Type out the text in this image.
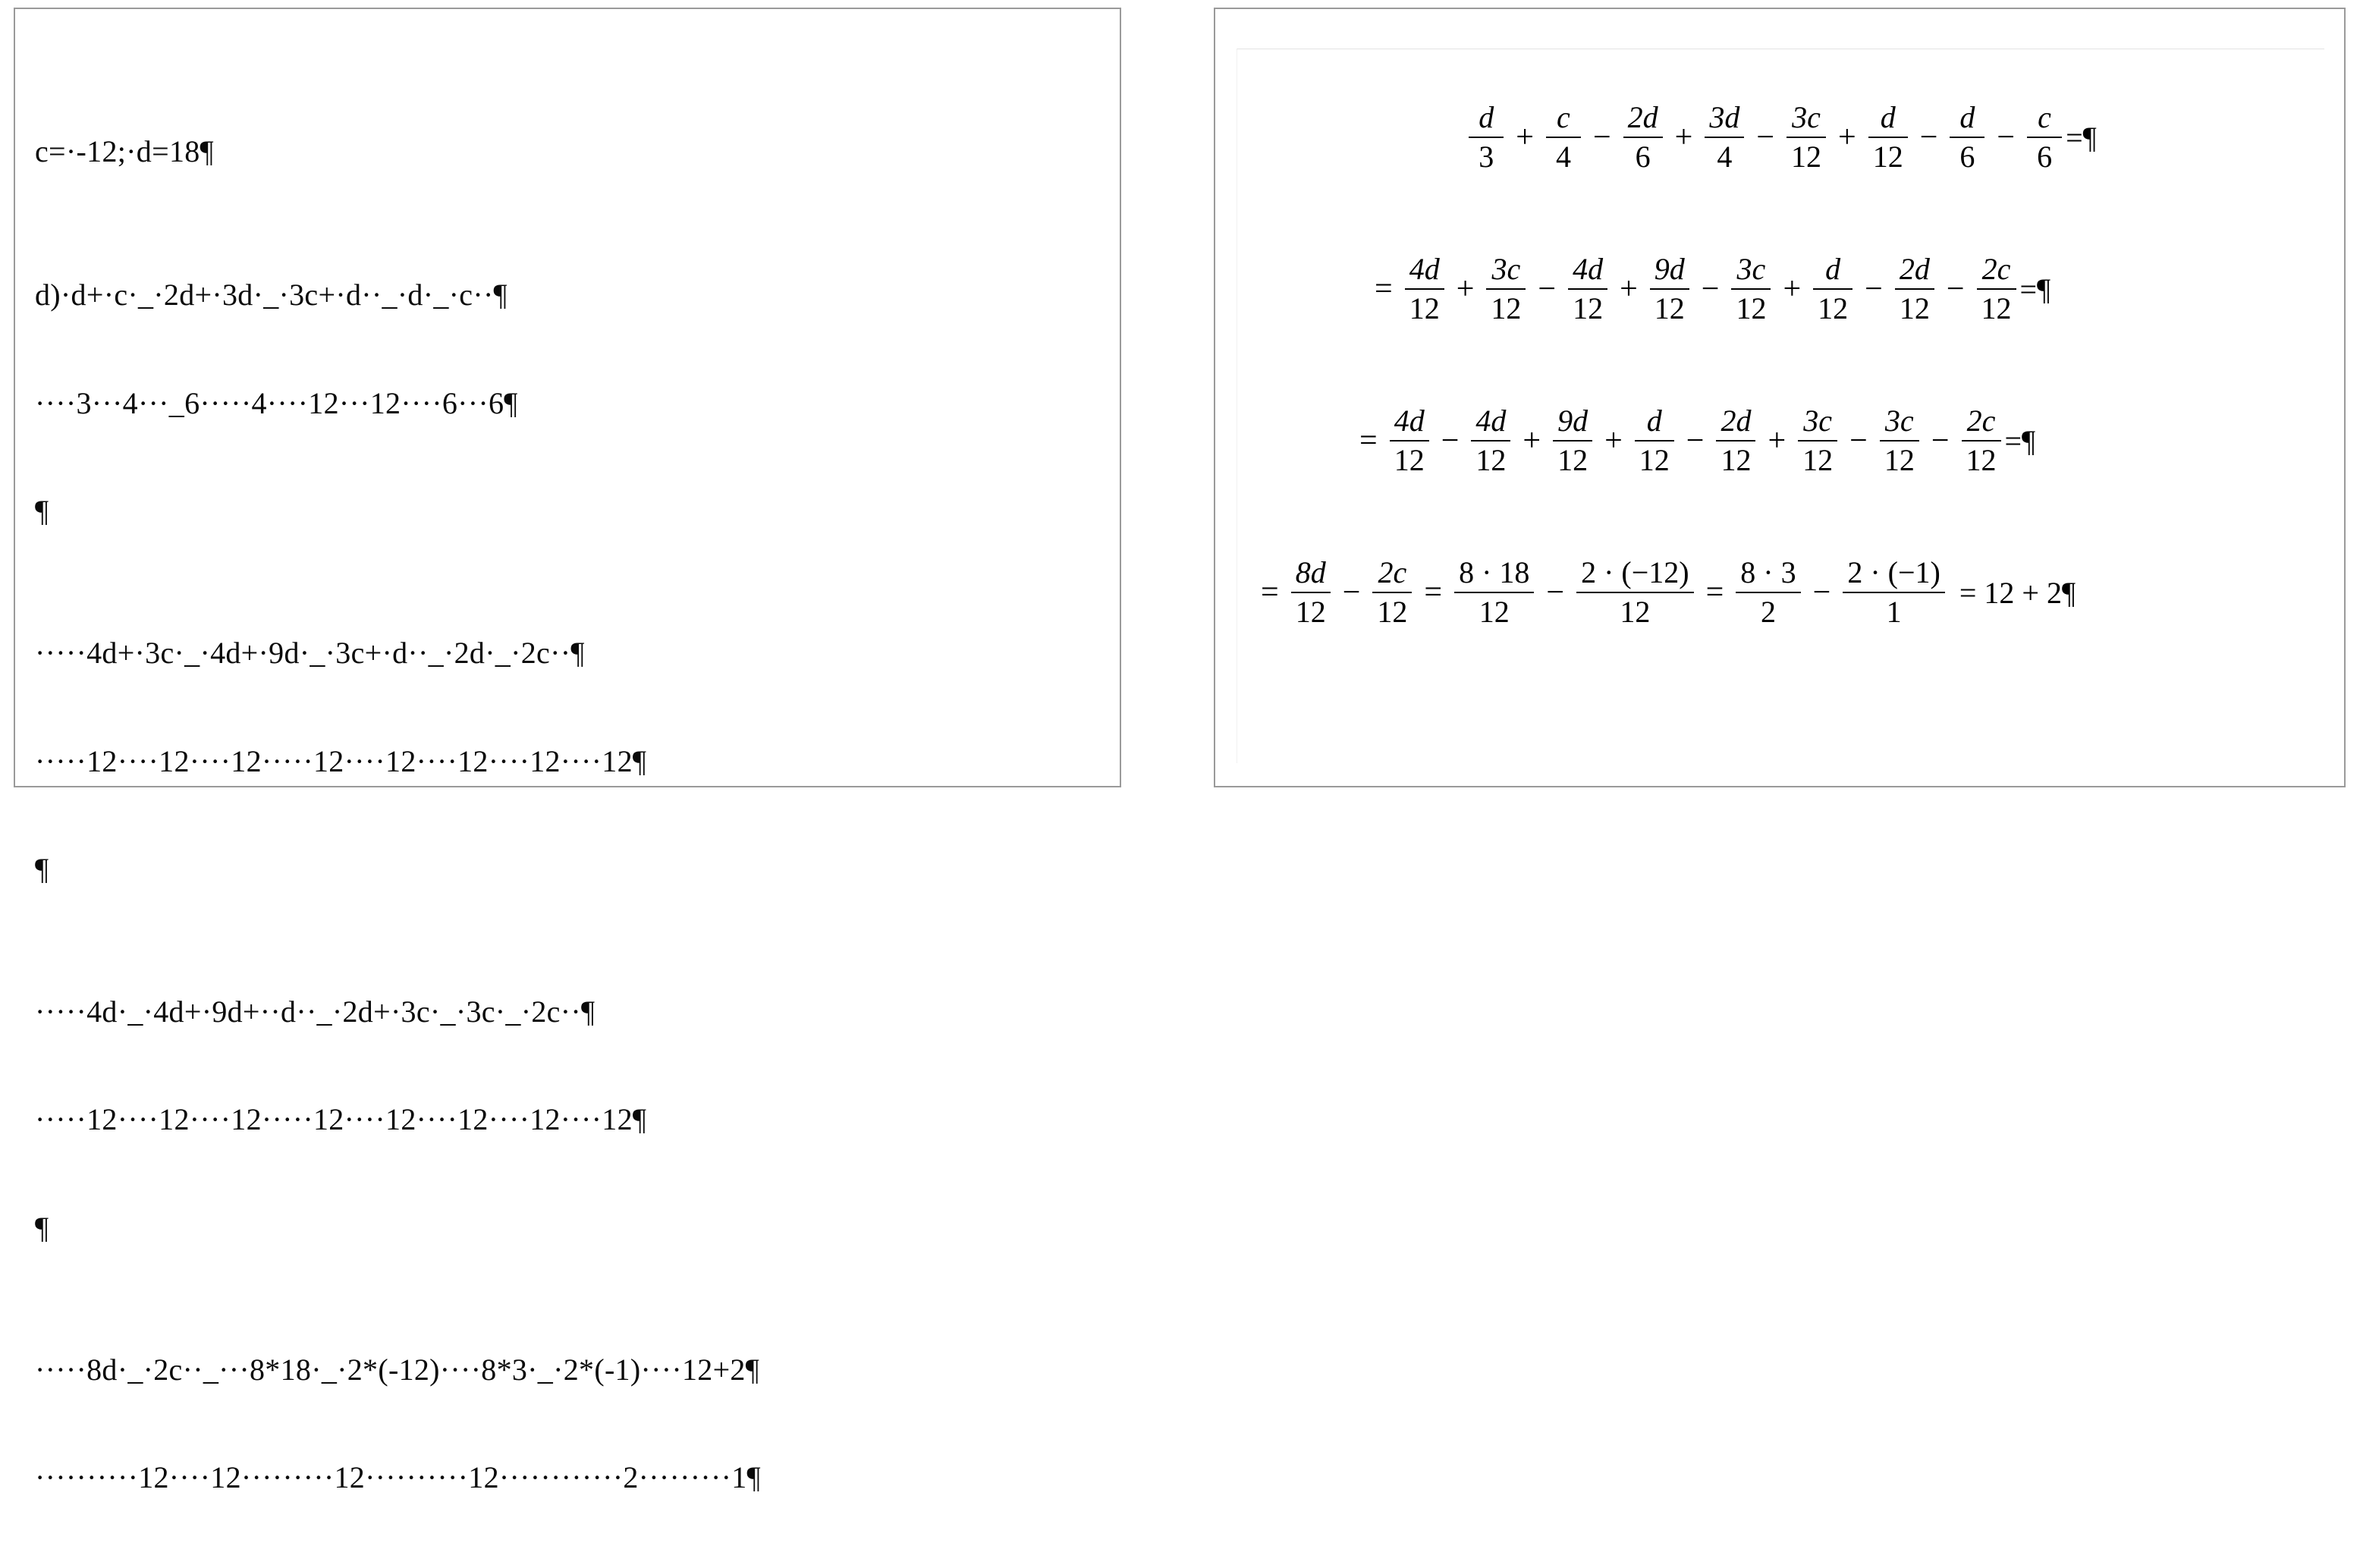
c=·-12;·d=18¶

d)·d+·c·_·2d+·3d·_·3c+·d··_·d·_·c··¶

····3···4···_6·····4····12···12····6···6¶

¶

·····4d+·3c·_·4d+·9d·_·3c+·d··_·2d·_·2c··¶

·····12····12····12·····12····12····12····12····12¶

¶

·····4d·_·4d+·9d+··d··_·2d+·3c·_·3c·_·2c··¶

·····12····12····12·····12····12····12····12····12¶

¶

·····8d·_·2c··_···8*18·_·2*(-12)····8*3·_·2*(-1)····12+2¶

··········12····12·········12··········12············2·········1¶

$\frac{d}{3} + \frac{c}{4} - \frac{2d}{6} + \frac{3d}{4} - \frac{3c}{12} + \frac{d}{12} - \frac{d}{6} - \frac{c}{6}$ =¶
= $\frac{4d}{12} + \frac{3c}{12} - \frac{4d}{12} + \frac{9d}{12} - \frac{3c}{12} + \frac{d}{12} - \frac{2d}{12} - \frac{2c}{12}$ =¶
= $\frac{4d}{12} - \frac{4d}{12} + \frac{9d}{12} + \frac{d}{12} - \frac{2d}{12} + \frac{3c}{12} - \frac{3c}{12} - \frac{2c}{12}$ =¶
= $\frac{8d}{12} - \frac{2c}{12} = \frac{8 \cdot 18}{12} - \frac{2 \cdot (-12)}{12} = \frac{8 \cdot 3}{2} - \frac{2 \cdot (-1)}{1} = 12$ + 2¶
